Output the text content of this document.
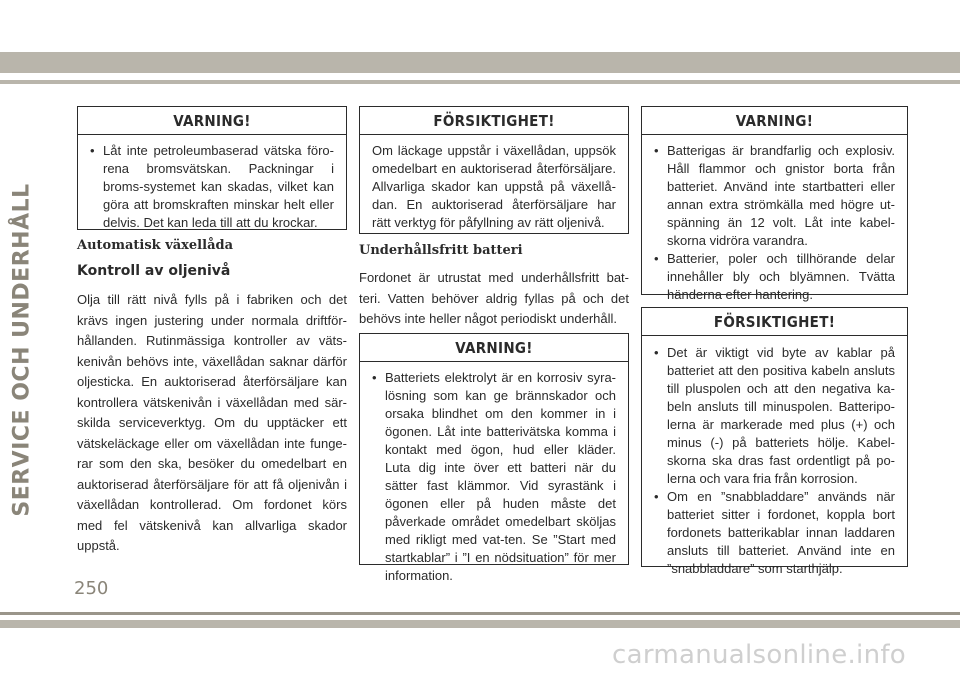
SERVICE OCH UNDERHÅLL
VARNING!
• Låt inte petroleumbaserad vätska föro-rena bromsvätskan. Packningar i broms-systemet kan skadas, vilket kan göra att bromskraften minskar helt eller delvis. Det kan leda till att du krockar.
Automatisk växellåda
Kontroll av oljenivå
Olja till rätt nivå fylls på i fabriken och det krävs ingen justering under normala driftför-hållanden. Rutinmässiga kontroller av väts-kenivån behövs inte, växellådan saknar därför oljesticka. En auktoriserad återförsäljare kan kontrollera vätskenivån i växellådan med sär-skilda serviceverktyg. Om du upptäcker ett vätskeläckage eller om växellådan inte funge-rar som den ska, besöker du omedelbart en auktoriserad återförsäljare för att få oljenivån i växellådan kontrollerad. Om fordonet körs med fel vätskenivå kan allvarliga skador uppstå.
FÖRSIKTIGHET!

Om läckage uppstår i växellådan, uppsök omedelbart en auktoriserad återförsäljare. Allvarliga skador kan uppstå på växellå-dan. En auktoriserad återförsäljare har rätt verktyg för påfyllning av rätt oljenivå.

Underhållsfritt batteri
Fordonet är utrustat med underhållsfritt bat-teri. Vatten behöver aldrig fyllas på och det behövs inte heller något periodiskt underhåll.
VARNING!
• Batteriets elektrolyt är en korrosiv syra-lösning som kan ge brännskador och orsaka blindhet om den kommer in i ögonen. Låt inte batterivätska komma i kontakt med ögon, hud eller kläder. Luta dig inte över ett batteri när du sätter fast klämmor. Vid syrastänk i ögonen eller på huden måste det påverkade området omedelbart sköljas med rikligt med vat-ten. Se ”Start med startkablar” i ”I en nödsituation” för mer information.
VARNING!
• Batterigas är brandfarlig och explosiv. Håll flammor och gnistor borta från batteriet. Använd inte startbatteri eller annan extra strömkälla med högre ut-spänning än 12 volt. Låt inte kabel-skorna vidröra varandra.
• Batterier, poler och tillhörande delar innehåller bly och blyämnen. Tvätta händerna efter hantering.
FÖRSIKTIGHET!
• Det är viktigt vid byte av kablar på batteriet att den positiva kabeln ansluts till pluspolen och att den negativa ka-beln ansluts till minuspolen. Batteripo-lerna är markerade med plus (+) och minus (-) på batteriets hölje. Kabel-skorna ska dras fast ordentligt på po-lerna och vara fria från korrosion.
• Om en ”snabbladdare” används när batteriet sitter i fordonet, koppla bort fordonets batterikablar innan laddaren ansluts till batteriet. Använd inte en ”snabbladdare” som starthjälp.
250
carmanualsonline.info
